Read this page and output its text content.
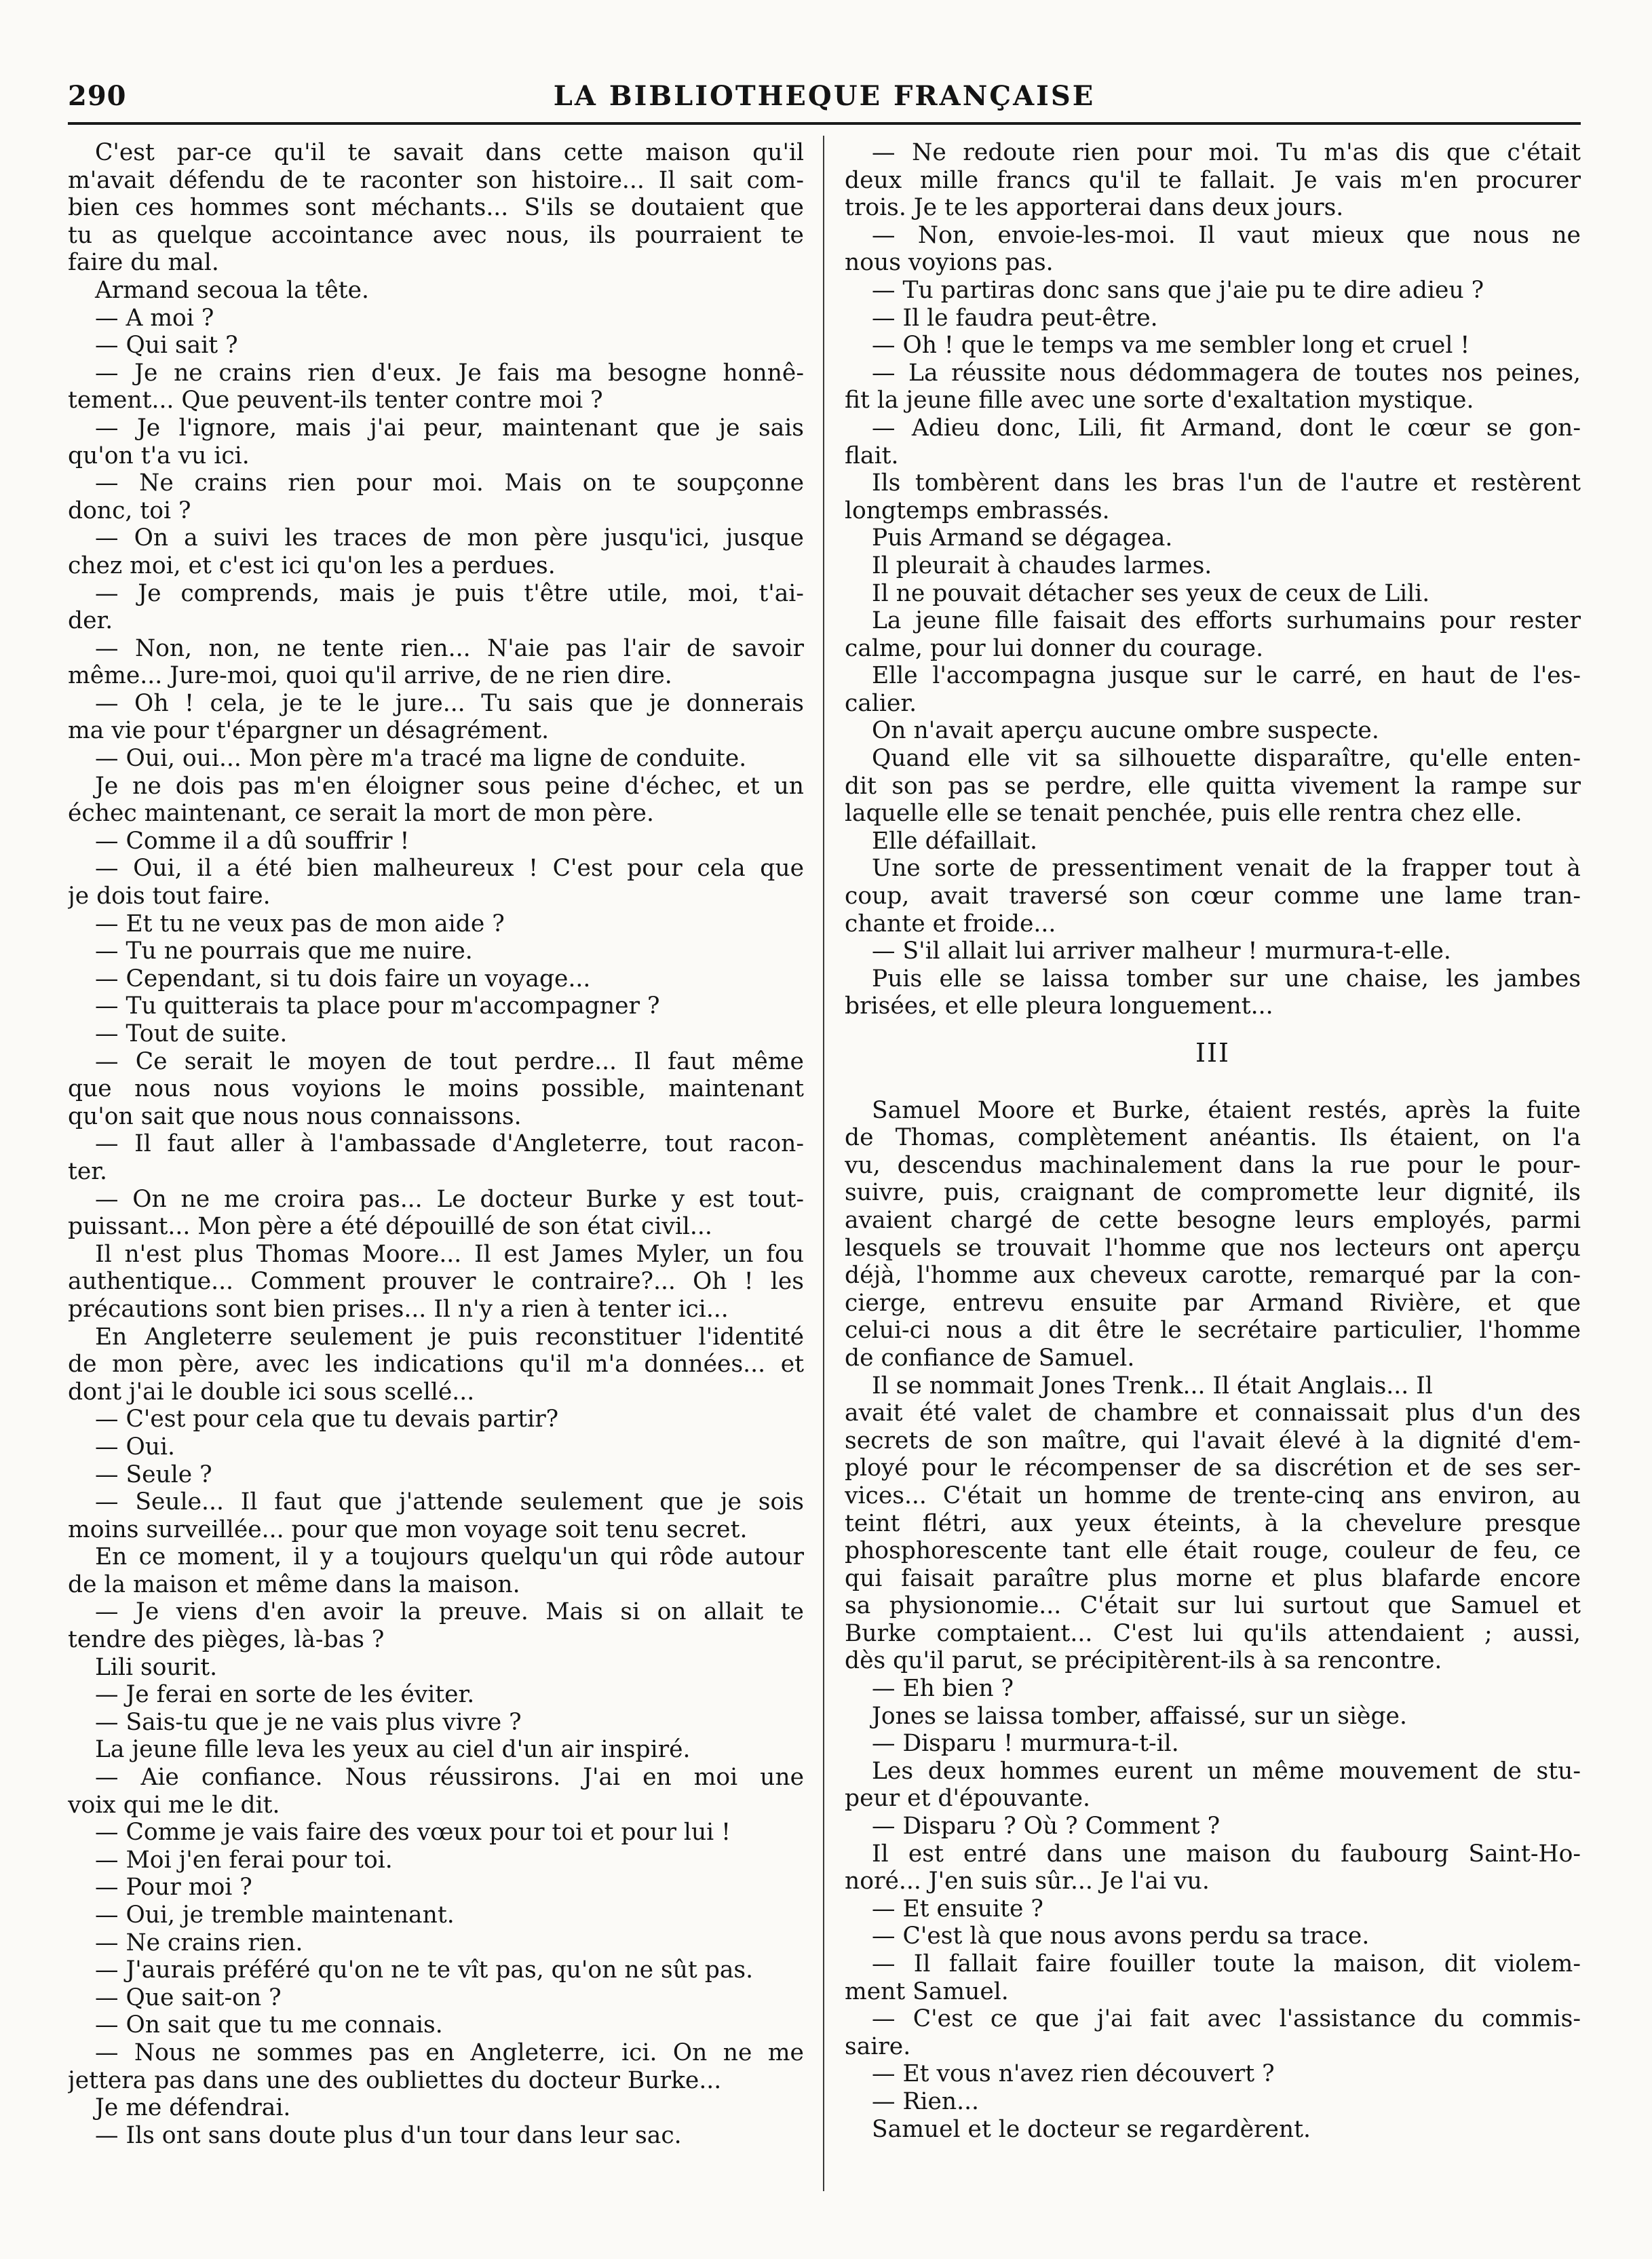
290	LA BIBLIOTHEQUE FRANÇAISE
C'est par-ce qu'il te savait dans cette maison qu'il
m'avait défendu de te raconter son histoire... Il sait com-
bien ces hommes sont méchants... S'ils se doutaient que
tu as quelque accointance avec nous, ils pourraient te
faire du mal.
Armand secoua la tête.
— A moi ?
— Qui sait ?
— Je ne crains rien d'eux. Je fais ma besogne honnê-
tement... Que peuvent-ils tenter contre moi ?
— Je l'ignore, mais j'ai peur, maintenant que je sais
qu'on t'a vu ici.
— Ne crains rien pour moi. Mais on te soupçonne
donc, toi ?
— On a suivi les traces de mon père jusqu'ici, jusque
chez moi, et c'est ici qu'on les a perdues.
— Je comprends, mais je puis t'être utile, moi, t'ai-
der.
— Non, non, ne tente rien... N'aie pas l'air de savoir
même... Jure-moi, quoi qu'il arrive, de ne rien dire.
— Oh ! cela, je te le jure... Tu sais que je donnerais
ma vie pour t'épargner un désagrément.
— Oui, oui... Mon père m'a tracé ma ligne de conduite.
Je ne dois pas m'en éloigner sous peine d'échec, et un
échec maintenant, ce serait la mort de mon père.
— Comme il a dû souffrir !
— Oui, il a été bien malheureux ! C'est pour cela que
je dois tout faire.
— Et tu ne veux pas de mon aide ?
— Tu ne pourrais que me nuire.
— Cependant, si tu dois faire un voyage...
— Tu quitterais ta place pour m'accompagner ?
— Tout de suite.
— Ce serait le moyen de tout perdre... Il faut même
que nous nous voyions le moins possible, maintenant
qu'on sait que nous nous connaissons.
— Il faut aller à l'ambassade d'Angleterre, tout racon-
ter.
— On ne me croira pas... Le docteur Burke y est tout-
puissant... Mon père a été dépouillé de son état civil...
Il n'est plus Thomas Moore... Il est James Myler, un fou
authentique... Comment prouver le contraire?... Oh ! les
précautions sont bien prises... Il n'y a rien à tenter ici...
En Angleterre seulement je puis reconstituer l'identité
de mon père, avec les indications qu'il m'a données... et
dont j'ai le double ici sous scellé...
— C'est pour cela que tu devais partir?
— Oui.
— Seule ?
— Seule... Il faut que j'attende seulement que je sois
moins surveillée... pour que mon voyage soit tenu secret.
En ce moment, il y a toujours quelqu'un qui rôde autour
de la maison et même dans la maison.
— Je viens d'en avoir la preuve. Mais si on allait te
tendre des pièges, là-bas ?
Lili sourit.
— Je ferai en sorte de les éviter.
— Sais-tu que je ne vais plus vivre ?
La jeune fille leva les yeux au ciel d'un air inspiré.
— Aie confiance. Nous réussirons. J'ai en moi une
voix qui me le dit.
— Comme je vais faire des vœux pour toi et pour lui !
— Moi j'en ferai pour toi.
— Pour moi ?
— Oui, je tremble maintenant.
— Ne crains rien.
— J'aurais préféré qu'on ne te vît pas, qu'on ne sût pas.
— Que sait-on ?
— On sait que tu me connais.
— Nous ne sommes pas en Angleterre, ici. On ne me
jettera pas dans une des oubliettes du docteur Burke...
Je me défendrai.
— Ils ont sans doute plus d'un tour dans leur sac.
— Ne redoute rien pour moi. Tu m'as dis que c'était
deux mille francs qu'il te fallait. Je vais m'en procurer
trois. Je te les apporterai dans deux jours.
— Non, envoie-les-moi. Il vaut mieux que nous ne
nous voyions pas.
— Tu partiras donc sans que j'aie pu te dire adieu ?
— Il le faudra peut-être.
— Oh ! que le temps va me sembler long et cruel !
— La réussite nous dédommagera de toutes nos peines,
fit la jeune fille avec une sorte d'exaltation mystique.
— Adieu donc, Lili, fit Armand, dont le cœur se gon-
flait.
Ils tombèrent dans les bras l'un de l'autre et restèrent
longtemps embrassés.
Puis Armand se dégagea.
Il pleurait à chaudes larmes.
Il ne pouvait détacher ses yeux de ceux de Lili.
La jeune fille faisait des efforts surhumains pour rester
calme, pour lui donner du courage.
Elle l'accompagna jusque sur le carré, en haut de l'es-
calier.
On n'avait aperçu aucune ombre suspecte.
Quand elle vit sa silhouette disparaître, qu'elle enten-
dit son pas se perdre, elle quitta vivement la rampe sur
laquelle elle se tenait penchée, puis elle rentra chez elle.
Elle défaillait.
Une sorte de pressentiment venait de la frapper tout à
coup, avait traversé son cœur comme une lame tran-
chante et froide...
— S'il allait lui arriver malheur ! murmura-t-elle.
Puis elle se laissa tomber sur une chaise, les jambes
brisées, et elle pleura longuement...
III
Samuel Moore et Burke, étaient restés, après la fuite
de Thomas, complètement anéantis. Ils étaient, on l'a
vu, descendus machinalement dans la rue pour le pour-
suivre, puis, craignant de compromette leur dignité, ils
avaient chargé de cette besogne leurs employés, parmi
lesquels se trouvait l'homme que nos lecteurs ont aperçu
déjà, l'homme aux cheveux carotte, remarqué par la con-
cierge, entrevu ensuite par Armand Rivière, et que
celui-ci nous a dit être le secrétaire particulier, l'homme
de confiance de Samuel.
Il se nommait Jones Trenk... Il était Anglais... Il
avait été valet de chambre et connaissait plus d'un des
secrets de son maître, qui l'avait élevé à la dignité d'em-
ployé pour le récompenser de sa discrétion et de ses ser-
vices... C'était un homme de trente-cinq ans environ, au
teint flétri, aux yeux éteints, à la chevelure presque
phosphorescente tant elle était rouge, couleur de feu, ce
qui faisait paraître plus morne et plus blafarde encore
sa physionomie... C'était sur lui surtout que Samuel et
Burke comptaient... C'est lui qu'ils attendaient ; aussi,
dès qu'il parut, se précipitèrent-ils à sa rencontre.
— Eh bien ?
Jones se laissa tomber, affaissé, sur un siège.
— Disparu ! murmura-t-il.
Les deux hommes eurent un même mouvement de stu-
peur et d'épouvante.
— Disparu ? Où ? Comment ?
Il est entré dans une maison du faubourg Saint-Ho-
noré... J'en suis sûr... Je l'ai vu.
— Et ensuite ?
— C'est là que nous avons perdu sa trace.
— Il fallait faire fouiller toute la maison, dit violem-
ment Samuel.
— C'est ce que j'ai fait avec l'assistance du commis-
saire.
— Et vous n'avez rien découvert ?
— Rien...
Samuel et le docteur se regardèrent.
